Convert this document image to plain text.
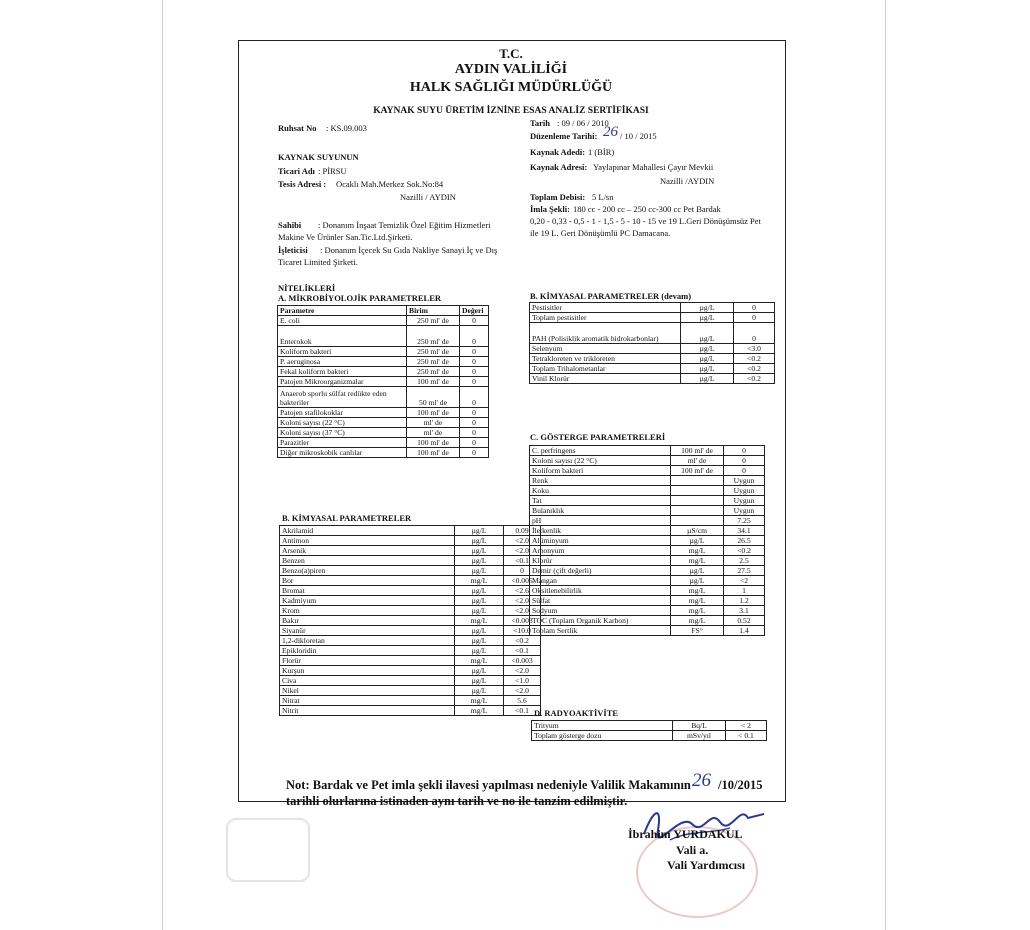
T.C.
AYDIN VALİLİĞİ
HALK SAĞLIĞI MÜDÜRLÜĞÜ
KAYNAK SUYU ÜRETİM İZNİNE ESAS ANALİZ SERTİFİKASI
Ruhsat No : KS.09.003	Tarih : 09 / 06 / 2010
Düzenleme Tarihi: 26 / 10 / 2015
KAYNAK SUYUNUN	Kaynak Adedi: 1 (BİR)
Ticari Adı : PİRSU	Kaynak Adresi: Yaylapınar Mahallesi Çayır Mevkii
Nazilli /AYDIN
Tesis Adresi : Ocaklı Mah.Merkez Sok.No:84
Nazilli / AYDIN	Toplam Debisi: 5 L/sn
İmla Şekli: 180 cc - 200 cc – 250 cc-300 cc Pet Bardak
0,20 - 0,33 - 0,5 - 1 - 1,5 - 5 - 10 - 15 ve 19 L.Geri Dönüşümsüz Pet
ile 19 L. Geri Dönüşümlü PC Damacana.
Sahibi : Donanım İnşaat Temizlik Özel Eğitim Hizmetleri
Makine Ve Ürünler San.Tic.Ltd.Şirketi.
İşleticisi : Donanım İçecek Su Gıda Nakliye Sanayi İç ve Dış
Ticaret Limited Şirketi.
NİTELİKLERİ
A. MİKROBİYOLOJİK PARAMETRELER	B. KİMYASAL PARAMETRELER (devam)
Parametre	Birim	Değeri
E. coli	250 ml' de	0
Enterokok	250 ml' de	0
Koliform bakteri	250 ml' de	0
P. aeruginosa	250 ml' de	0
Fekal koliform bakteri	250 ml' de	0
Patojen Mikroorganizmalar	100 ml' de	0
Anaerob sporlu sülfat redükte eden bakteriler	50 ml' de	0
Patojen stafilokoklar	100 ml' de	0
Koloni sayısı (22 °C)	ml' de	0
Koloni sayısı (37 °C)	ml' de	0
Parazitler	100 ml' de	0
Diğer mikroskobik canlılar	100 ml' de	0
Pestisitler	µg/L	0
Toplam pestisitler	µg/L	0
PAH (Polisiklik aromatik hidrokarbonlar)	µg/L	0
Selenyum	µg/L	<3.0
Tetrakloreten ve trikloreten	µg/L	<0.2
Toplam Trihalometanlar	µg/L	<0.2
Vinil Klorür	µg/L	<0.2
C. GÖSTERGE PARAMETRELERİ
C. perfringens	100 ml' de	0
Koloni sayısı (22 °C)	ml' de	0
Koliform bakteri	100 ml' de	0
Renk		Uygun
Koku		Uygun
Tat		Uygun
Bulanıklık		Uygun
pH		7.25
İletkenlik	µS/cm	34.1
Alüminyum	µg/L	26.5
Amonyum	mg/L	<0.2
Klorür	mg/L	2.5
Demir (çift değerli)	µg/L	27.5
Mangan	µg/L	<2
Oksitlenebilirlik	mg/L	1
Sülfat	mg/L	1.2
Sodyum	mg/L	3.1
TOC (Toplam Organik Karbon)	mg/L	0.52
Toplam Sertlik	FS°	1.4
B. KİMYASAL PARAMETRELER
Akrilamid	µg/L	0.09
Antimon	µg/L	<2.0
Arsenik	µg/L	<2.0
Benzen	µg/L	<0.1
Benzo(a)piren	µg/L	0
Bor	mg/L	<0.005
Bromat	µg/L	<2.6
Kadmiyum	µg/L	<2.0
Krom	µg/L	<2.0
Bakır	mg/L	<0.003
Siyanür	µg/L	<10.0
1,2-dikloretan	µg/L	<0.2
Epikloridin	µg/L	<0.1
Florür	mg/L	<0.003
Kurşun	µg/L	<2.0
Civa	µg/L	<1.0
Nikel	µg/L	<2.0
Nitrat	mg/L	5.6
Nitrit	mg/L	<0.1 D. RADYOAKTİVİTE
Trityum	Bq/L	< 2
Toplam gösterge dozu	mSv/yıl	< 0.1
Not: Bardak ve Pet imla şekli ilavesi yapılması nedeniyle Valilik Makamının 26 /10/2015
tarihli olurlarına istinaden aynı tarih ve no ile tanzim edilmiştir.
İbrahim YURDAKUL
Vali a.
Vali Yardımcısı
